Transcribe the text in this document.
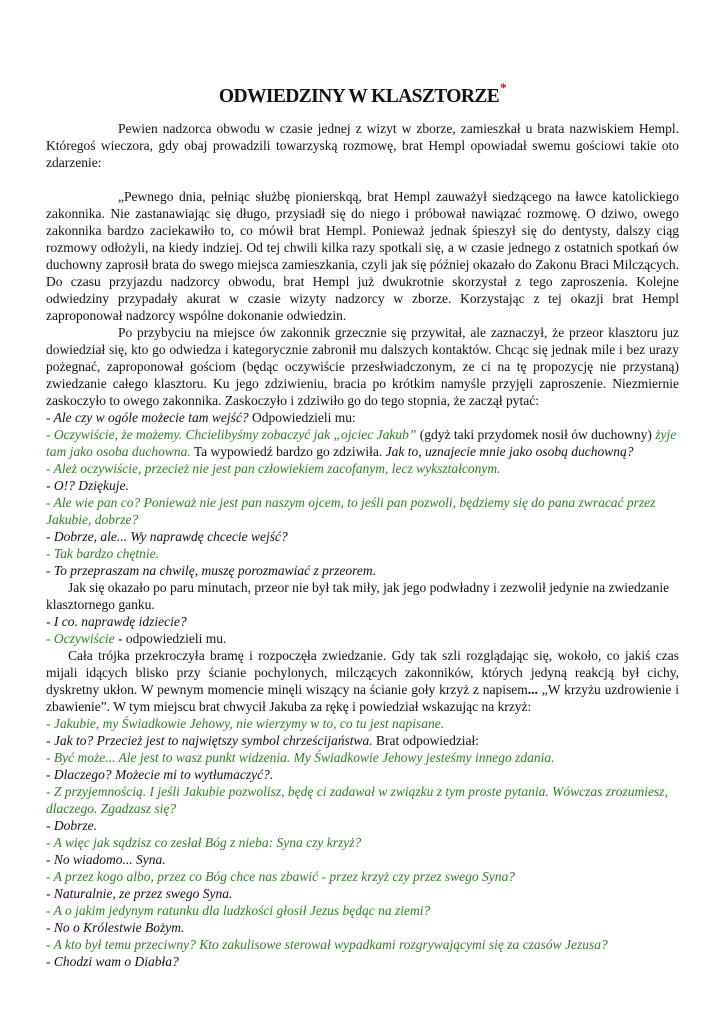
ODWIEDZINY W KLASZTORZE*

Pewien nadzorca obwodu w czasie jednej z wizyt w zborze, zamieszkał u brata nazwiskiem Hempl. Któregoś wieczora, gdy obaj prowadzili towarzyską rozmowę, brat Hempl opowiadał swemu gościowi takie oto zdarzenie:

„Pewnego dnia, pełniąc służbę pionierskqą, brat Hempl zauważył siedzącego na ławce katolickiego zakonnika. Nie zastanawiając się długo, przysiadł się do niego i próbował nawiązać rozmowę. O dziwo, owego zakonnika bardzo zaciekawiło to, co mówił brat Hempl. Ponieważ jednak śpieszył się do dentysty, dalszy ciąg rozmowy odłożyli, na kiedy indziej. Od tej chwili kilka razy spotkali się, a w czasie jednego z ostatnich spotkań ów duchowny zaprosił brata do swego miejsca zamieszkania, czyli jak się później okazało do Zakonu Braci Milczących. Do czasu przyjazdu nadzorcy obwodu, brat Hempl już dwukrotnie skorzystał z tego zaproszenia. Kolejne odwiedziny przypadały akurat w czasie wizyty nadzorcy w zborze. Korzystając z tej okazji brat Hempl zaproponował nadzorcy wspólne dokonanie odwiedzin.

Po przybyciu na miejsce ów zakonnik grzecznie się przywitał, ale zaznaczył, że przeor klasztoru juz dowiedział się, kto go odwiedza i kategorycznie zabronił mu dalszych kontaktów. Chcąc się jednak mile i bez urazy pożegnać, zaproponował gościom (będąc oczywiście przesłwiadczonym, ze ci na tę propozycję nie przystaną) zwiedzanie całego klasztoru. Ku jego zdziwieniu, bracia po krótkim namyśle przyjęli zaproszenie. Niezmiernie zaskoczyło to owego zakonnika. Zaskoczyło i zdziwiło go do tego stopnia, że zaczął pytać:

- Ale czy w ogóle możecie tam wejść? Odpowiedzieli mu:

- Oczywiście, że możemy. Chcielibyśmy zobaczyć jak „ojciec Jakub” (gdyż taki przydomek nosił ów duchowny) żyje tam jako osoba duchowna. Ta wypowiedź bardzo go zdziwiła. Jak to, uznajecie mnie jako osobą duchowną?

- Ależ oczywiście, przecież nie jest pan człowiekiem zacofanym, lecz wykształconym.

- O!? Dziękuje.

- Ale wie pan co? Ponieważ nie jest pan naszym ojcem, to jeśli pan pozwoli, będziemy się do pana zwracać przez Jakubie, dobrze?

- Dobrze, ale... Wy naprawdę chcecie wejść?

- Tak bardzo chętnie.

- To przepraszam na chwilę, muszę porozmawiać z przeorem.

Jak się okazało po paru minutach, przeor nie był tak miły, jak jego podwładny i zezwolił jedynie na zwiedzanie klasztornego ganku.

- I co. naprawdę idziecie?

- Oczywiście - odpowiedzieli mu.

Cała trójka przekroczyła bramę i rozpoczęła zwiedzanie. Gdy tak szli rozglądając się, wokoło, co jakiś czas mijali idących blisko przy ścianie pochylonych, milczących zakonników, których jedyną reakcją był cichy, dyskretny ukłon. W pewnym momencie minęli wiszący na ścianie goły krzyż z napisem... „W krzyżu uzdrowienie i zbawienie”. W tym miejscu brat chwycił Jakuba za rękę i powiedział wskazując na krzyż:

- Jakubie, my Świadkowie Jehowy, nie wierzymy w to, co tu jest napisane.

- Jak to? Przecież jest to najwiętszy symbol chrześcijaństwa. Brat odpowiedział:

- Być może... Ale jest to wasz punkt widzenia. My Świadkowie Jehowy jesteśmy innego zdania.

- Dlaczego? Możecie mi to wytłumaczyć?.

- Z przyjemnością. I jeśli Jakubie pozwolisz, będę ci zadawał w związku z tym proste pytania. Wówczas zrozumiesz, dlaczego. Zgadzasz się?

- Dobrze.

- A więc jak sądzisz co zesłał Bóg z nieba: Syna czy krzyż?

- No wiadomo... Syna.

- A przez kogo albo, przez co Bóg chce nas zbawić - przez krzyż czy przez swego Syna?

- Naturalnie, ze przez swego Syna.

- A o jakim jedynym ratunku dla ludzkości głosił Jezus będąc na ziemi?

- No o Królestwie Bożym.

- A kto był temu przeciwny? Kto zakulisowe sterował wypadkami rozgrywającymi się za czasów Jezusa?

- Chodzi wam o Diabła?
